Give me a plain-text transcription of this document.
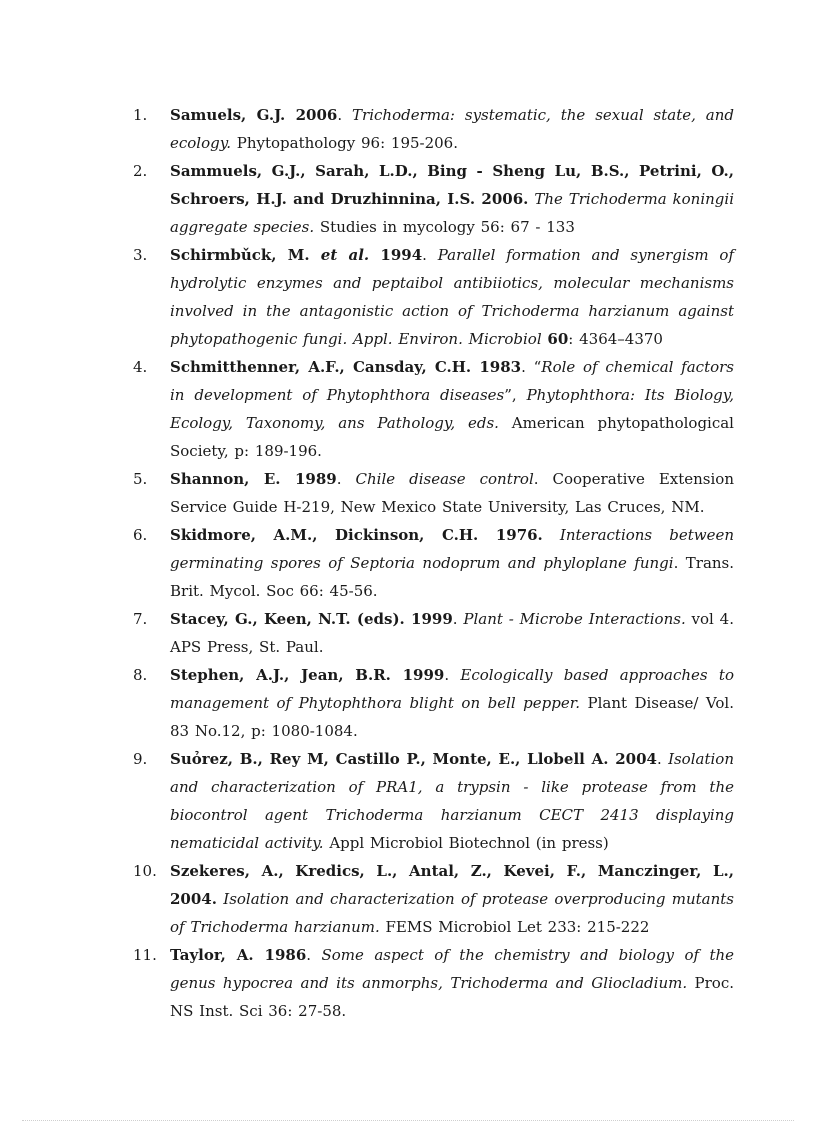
1. Samuels, G.J. 2006. Trichoderma: systematic, the sexual state, and ecology. Phytopathology 96: 195-206.
2. Sammuels, G.J., Sarah, L.D., Bing - Sheng Lu, B.S., Petrini, O., Schroers, H.J. and Druzhinnina, I.S. 2006. The Trichoderma koningii aggregate species. Studies in mycology 56: 67 - 133
3. Schirmbǔck, M. et al. 1994. Parallel formation and synergism of hydrolytic enzymes and peptaibol antibiiotics, molecular mechanisms involved in the antagonistic action of Trichoderma harzianum against phytopathogenic fungi. Appl. Environ. Microbiol 60: 4364–4370
4. Schmitthenner, A.F., Cansday, C.H. 1983. “Role of chemical factors in development of Phytophthora diseases”, Phytophthora: Its Biology, Ecology, Taxonomy, ans Pathology, eds. American phytopathological Society, p: 189-196.
5. Shannon, E. 1989. Chile disease control. Cooperative Extension Service Guide H-219, New Mexico State University, Las Cruces, NM.
6. Skidmore, A.M., Dickinson, C.H. 1976. Interactions between germinating spores of Septoria nodoprum and phyloplane fungi. Trans. Brit. Mycol. Soc 66: 45-56.
7. Stacey, G., Keen, N.T. (eds). 1999. Plant - Microbe Interactions. vol 4. APS Press, St. Paul.
8. Stephen, A.J., Jean, B.R. 1999. Ecologically based approaches to management of Phytophthora blight on bell pepper. Plant Disease/ Vol. 83 No.12, p: 1080-1084.
9. Suỏrez, B., Rey M, Castillo P., Monte, E., Llobell A. 2004. Isolation and characterization of PRA1, a trypsin - like protease from the biocontrol agent Trichoderma harzianum CECT 2413 displaying nematicidal activity. Appl Microbiol Biotechnol (in press)
10. Szekeres, A., Kredics, L., Antal, Z., Kevei, F., Manczinger, L., 2004. Isolation and characterization of protease overproducing mutants of Trichoderma harzianum. FEMS Microbiol Let 233: 215-222
11. Taylor, A. 1986. Some aspect of the chemistry and biology of the genus hypocrea and its anmorphs, Trichoderma and Gliocladium. Proc. NS Inst. Sci 36: 27-58.
